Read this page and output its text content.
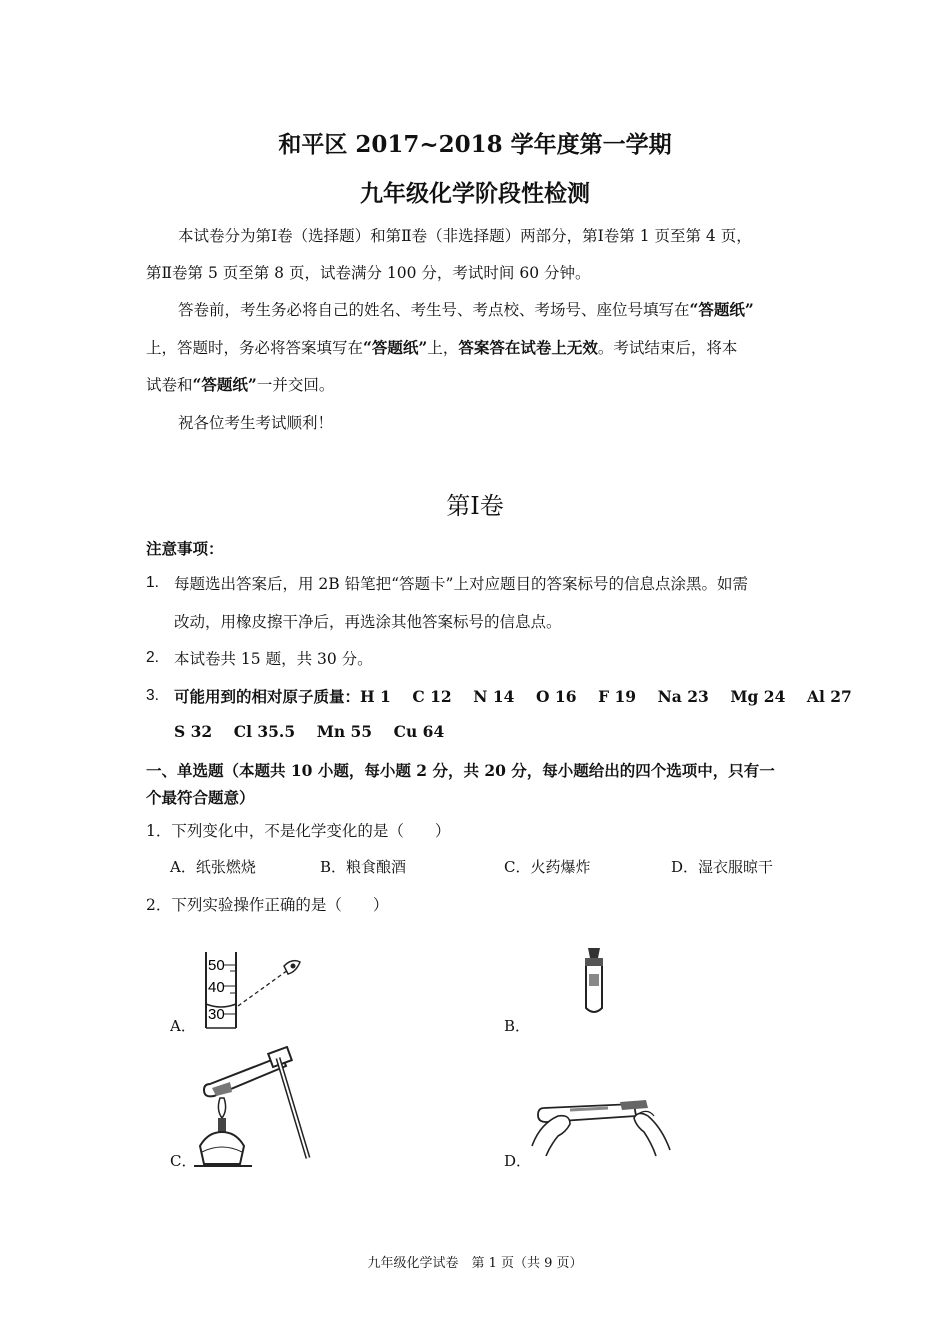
和平区 2017~2018 学年度第一学期
九年级化学阶段性检测
本试卷分为第Ⅰ卷（选择题）和第Ⅱ卷（非选择题）两部分，第Ⅰ卷第 1 页至第 4 页，
第Ⅱ卷第 5 页至第 8 页，试卷满分 100 分，考试时间 60 分钟。
答卷前，考生务必将自己的姓名、考生号、考点校、考场号、座位号填写在“答题纸”
上，答题时，务必将答案填写在“答题纸”上，答案答在试卷上无效。考试结束后，将本
试卷和“答题纸”一并交回。
祝各位考生考试顺利！
第Ⅰ卷
注意事项：
1. 每题选出答案后，用 2B 铅笔把“答题卡”上对应题目的答案标号的信息点涂黑。如需
改动，用橡皮擦干净后，再选涂其他答案标号的信息点。
2. 本试卷共 15 题，共 30 分。
3. 可能用到的相对原子质量：H 1    C 12    N 14    O 16    F 19    Na 23    Mg 24    Al 27
S 32    Cl 35.5    Mn 55    Cu 64
一、单选题（本题共 10 小题，每小题 2 分，共 20 分，每小题给出的四个选项中，只有一
个最符合题意）
1．下列变化中，不是化学变化的是（　　）
A．纸张燃烧	B．粮食酿酒	C．火药爆炸	D．湿衣服晾干
2．下列实验操作正确的是（　　）
A．	B．
C．	D．
50
40
30
九年级化学试卷　第 1 页（共 9 页）
